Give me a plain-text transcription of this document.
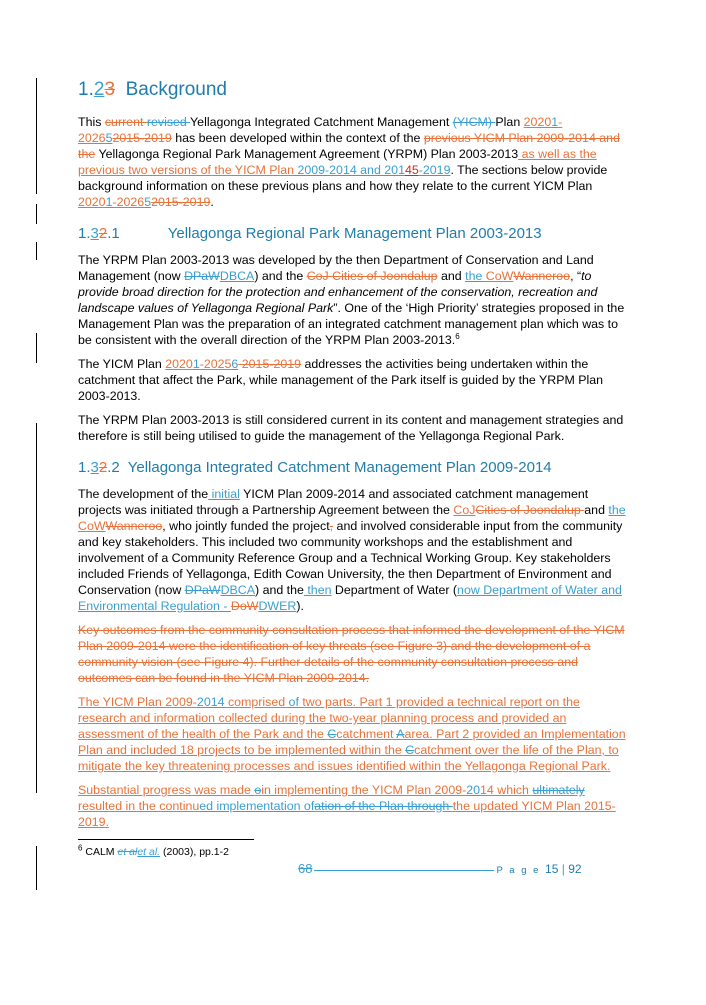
1.23 Background

This current revised Yellagonga Integrated Catchment Management (YICM) Plan 20201-202652015-2019 has been developed within the context of the previous YICM Plan 2009-2014 and the Yellagonga Regional Park Management Agreement (YRPM) Plan 2003-2013 as well as the previous two versions of the YICM Plan 2009-2014 and 20145-2019. The sections below provide background information on these previous plans and how they relate to the current YICM Plan 20201-202652015-2019.

1.32.1	Yellagonga Regional Park Management Plan 2003-2013

The YRPM Plan 2003-2013 was developed by the then Department of Conservation and Land Management (now DPaWDBCA) and the CoJ Cities of Joondalup and the CoWWanneroo, “to provide broad direction for the protection and enhancement of the conservation, recreation and landscape values of Yellagonga Regional Park”. One of the ‘High Priority’ strategies proposed in the Management Plan was the preparation of an integrated catchment management plan which was to be consistent with the overall direction of the YRPM Plan 2003-2013.$^6$

The YICM Plan 20201-20256 2015-2019 addresses the activities being undertaken within the catchment that affect the Park, while management of the Park itself is guided by the YRPM Plan 2003-2013.

The YRPM Plan 2003-2013 is still considered current in its content and management strategies and therefore is still being utilised to guide the management of the Yellagonga Regional Park.

1.32.2 Yellagonga Integrated Catchment Management Plan 2009-2014

The development of the initial YICM Plan 2009-2014 and associated catchment management projects was initiated through a Partnership Agreement between the CoJCities of Joondalup and the CoWWanneroo, who jointly funded the project, and involved considerable input from the community and key stakeholders. This included two community workshops and the establishment and involvement of a Community Reference Group and a Technical Working Group. Key stakeholders included Friends of Yellagonga, Edith Cowan University, the then Department of Environment and Conservation (now DPaWDBCA) and the then Department of Water (now Department of Water and Environmental Regulation - DoWDWER).

Key outcomes from the community consultation process that informed the development of the YICM Plan 2009-2014 were the identification of key threats (see Figure 3) and the development of a community vision (see Figure 4). Further details of the community consultation process and outcomes can be found in the YICM Plan 2009-2014.

The YICM Plan 2009-2014 comprised of two parts. Part 1 provided a technical report on the research and information collected during the two-year planning process and provided an assessment of the health of the Park and the Ccatchment Aarea. Part 2 provided an Implementation Plan and included 18 projects to be implemented within the Ccatchment over the life of the Plan, to mitigate the key threatening processes and issues identified within the Yellagonga Regional Park.

Substantial progress was made oin implementing the YICM Plan 2009-2014 which ultimately resulted in the continued implementation ofation of the Plan through the updated YICM Plan 2015-2019.

$^6$ CALM et alet al. (2003), pp.1-2
68	P a g e 15 | 92
